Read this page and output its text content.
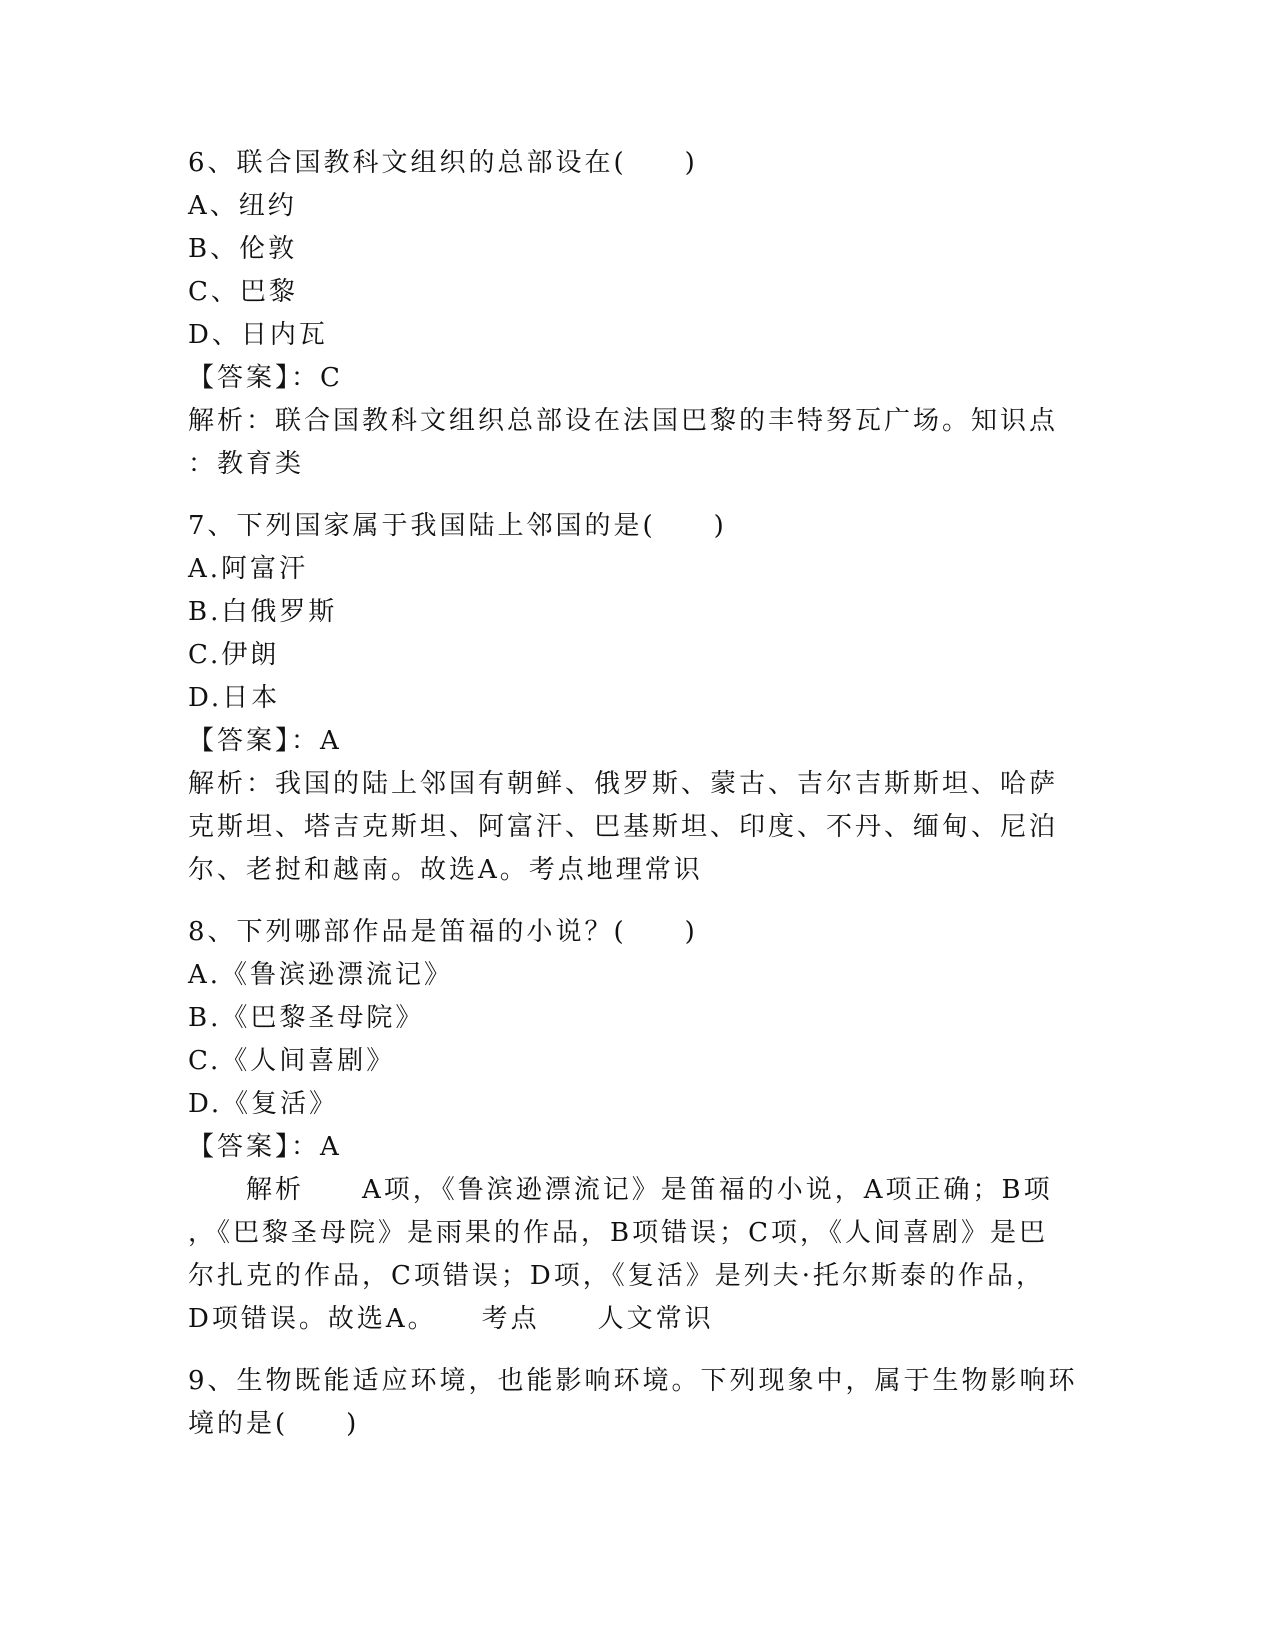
6、联合国教科文组织的总部设在(　　)
A、纽约
B、伦敦
C、巴黎
D、日内瓦
【答案】：C
解析：联合国教科文组织总部设在法国巴黎的丰特努瓦广场。知识点
：教育类
7、下列国家属于我国陆上邻国的是(　　)
A.阿富汗
B.白俄罗斯
C.伊朗
D.日本
【答案】：A
解析：我国的陆上邻国有朝鲜、俄罗斯、蒙古、吉尔吉斯斯坦、哈萨
克斯坦、塔吉克斯坦、阿富汗、巴基斯坦、印度、不丹、缅甸、尼泊
尔、老挝和越南。故选A。考点地理常识
8、下列哪部作品是笛福的小说？(　　)
A.《鲁滨逊漂流记》
B.《巴黎圣母院》
C.《人间喜剧》
D.《复活》
【答案】：A
　　解析　　A项，《鲁滨逊漂流记》是笛福的小说，A项正确；B项
，《巴黎圣母院》是雨果的作品，B项错误；C项，《人间喜剧》是巴
尔扎克的作品，C项错误；D项，《复活》是列夫·托尔斯泰的作品，
D项错误。故选A。　　考点　　人文常识
9、生物既能适应环境，也能影响环境。下列现象中，属于生物影响环
境的是(　　)
